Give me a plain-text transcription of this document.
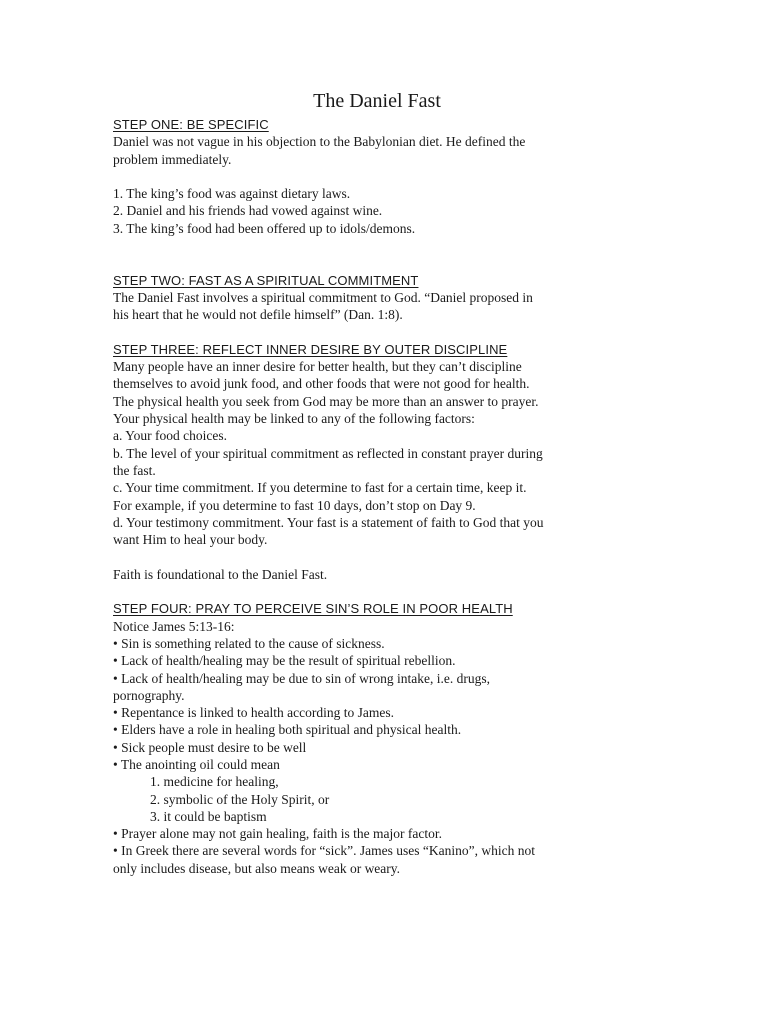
The Daniel Fast
STEP ONE: BE SPECIFIC
Daniel was not vague in his objection to the Babylonian diet. He defined the
problem immediately.
1. The king’s food was against dietary laws.
2. Daniel and his friends had vowed against wine.
3. The king’s food had been offered up to idols/demons.
STEP TWO: FAST AS A SPIRITUAL COMMITMENT
The Daniel Fast involves a spiritual commitment to God. “Daniel proposed in
his heart that he would not defile himself” (Dan. 1:8).
STEP THREE: REFLECT INNER DESIRE BY OUTER DISCIPLINE
Many people have an inner desire for better health, but they can’t discipline
themselves to avoid junk food, and other foods that were not good for health.
The physical health you seek from God may be more than an answer to prayer.
Your physical health may be linked to any of the following factors:
a. Your food choices.
b. The level of your spiritual commitment as reflected in constant prayer during
the fast.
c. Your time commitment. If you determine to fast for a certain time, keep it.
For example, if you determine to fast 10 days, don’t stop on Day 9.
d. Your testimony commitment. Your fast is a statement of faith to God that you
want Him to heal your body.
Faith is foundational to the Daniel Fast.
STEP FOUR: PRAY TO PERCEIVE SIN’S ROLE IN POOR HEALTH
Notice James 5:13-16:
• Sin is something related to the cause of sickness.
• Lack of health/healing may be the result of spiritual rebellion.
• Lack of health/healing may be due to sin of wrong intake, i.e. drugs,
pornography.
• Repentance is linked to health according to James.
• Elders have a role in healing both spiritual and physical health.
• Sick people must desire to be well
• The anointing oil could mean
1. medicine for healing,
2. symbolic of the Holy Spirit, or
3. it could be baptism
• Prayer alone may not gain healing, faith is the major factor.
• In Greek there are several words for “sick”. James uses “Kanino”, which not
only includes disease, but also means weak or weary.
